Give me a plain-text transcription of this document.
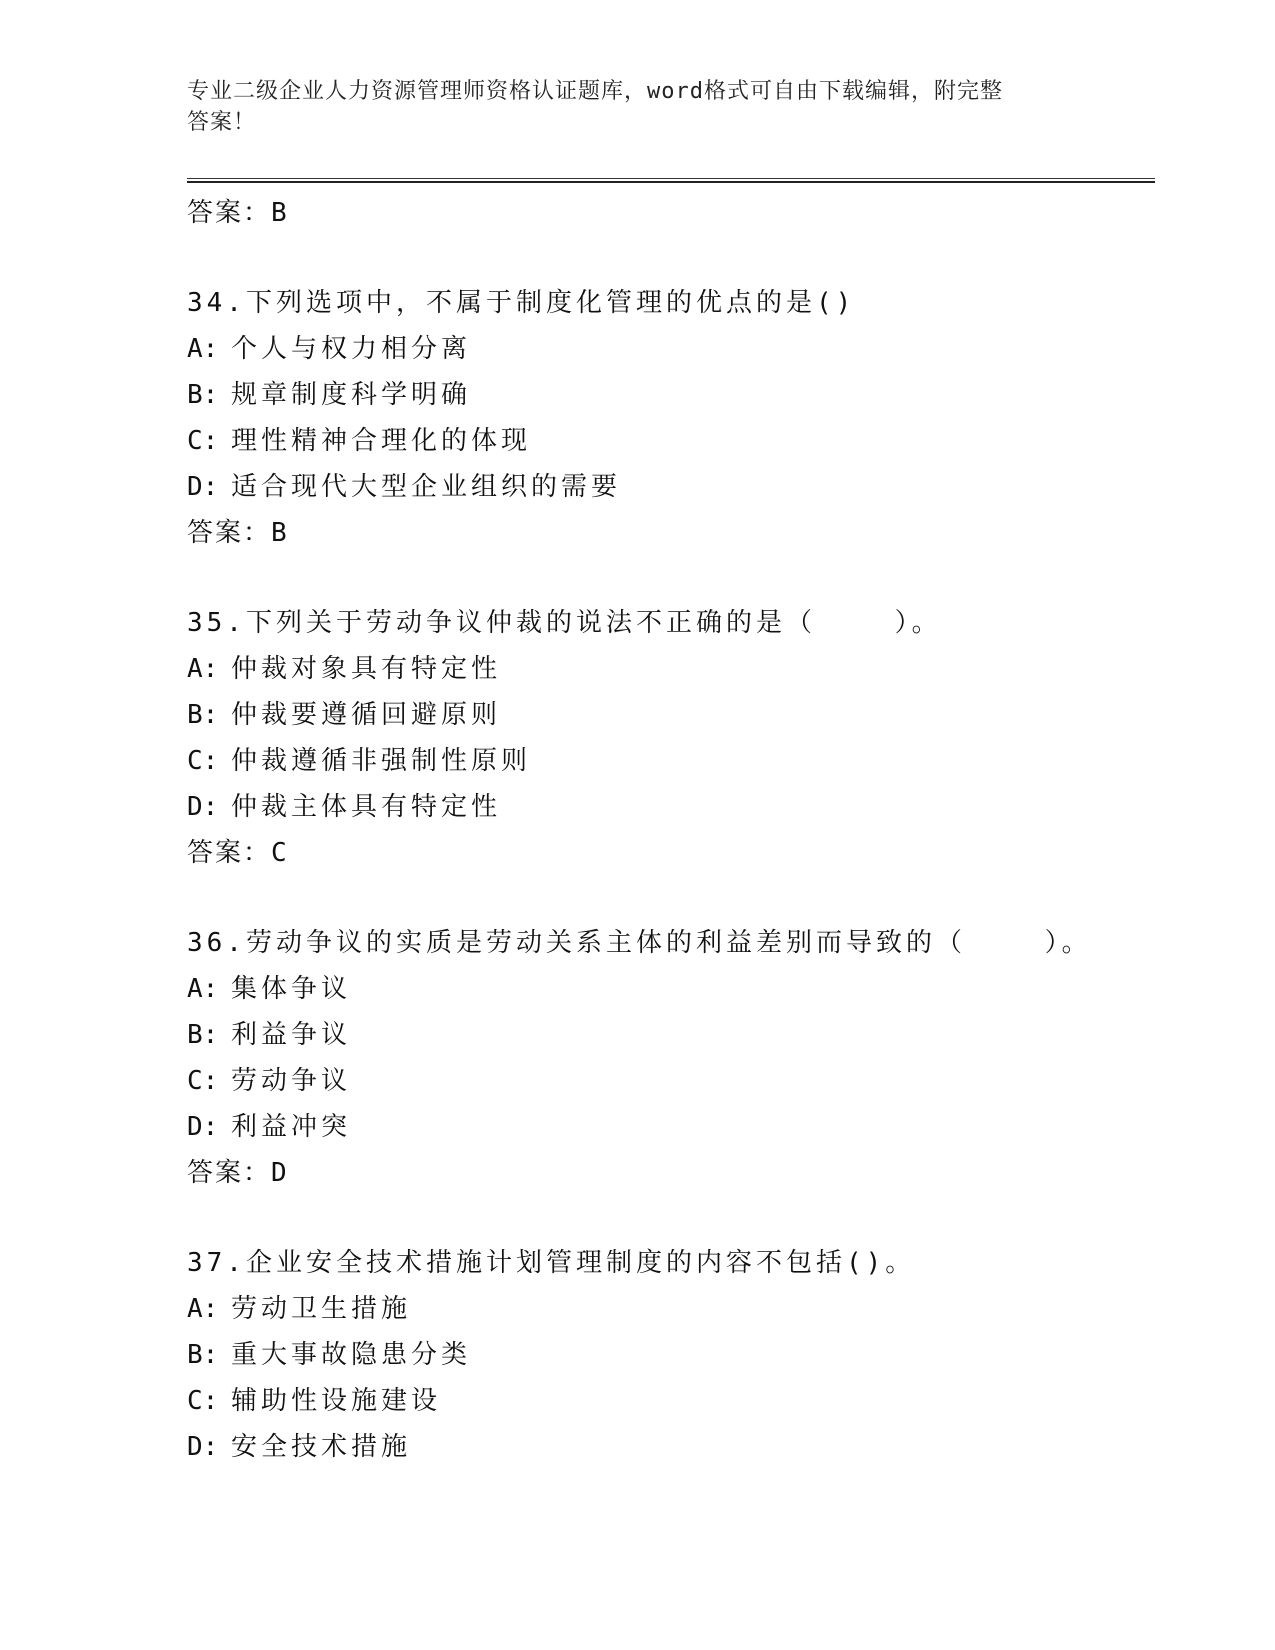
专业二级企业人力资源管理师资格认证题库，word格式可自由下载编辑，附完整
答案！
答案：B
34.下列选项中，不属于制度化管理的优点的是()
A: 个人与权力相分离
B: 规章制度科学明确
C: 理性精神合理化的体现
D: 适合现代大型企业组织的需要
答案：B
35.下列关于劳动争议仲裁的说法不正确的是（    ）。
A: 仲裁对象具有特定性
B: 仲裁要遵循回避原则
C: 仲裁遵循非强制性原则
D: 仲裁主体具有特定性
答案：C
36.劳动争议的实质是劳动关系主体的利益差别而导致的（    ）。
A: 集体争议
B: 利益争议
C: 劳动争议
D: 利益冲突
答案：D
37.企业安全技术措施计划管理制度的内容不包括()。
A: 劳动卫生措施
B: 重大事故隐患分类
C: 辅助性设施建设
D: 安全技术措施
